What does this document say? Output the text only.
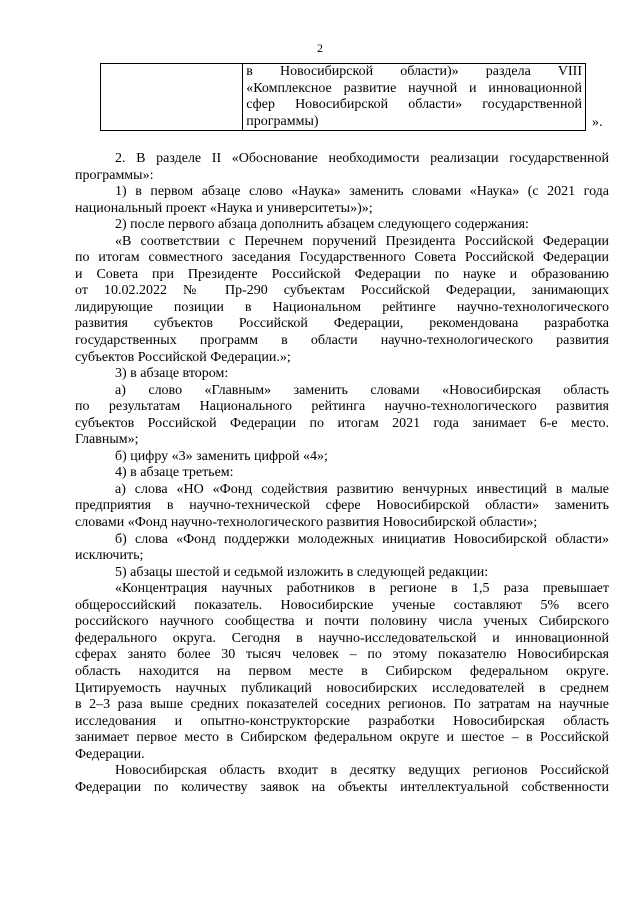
2

в Новосибирской области)» раздела VIII
«Комплексное развитие научной и инновационной
сфер Новосибирской области» государственной
программы)	».
2. В разделе II «Обоснование необходимости реализации государственной
программы»:
1) в первом абзаце слово «Наука» заменить словами «Наука» (с 2021 года
национальный проект «Наука и университеты»)»;
2) после первого абзаца дополнить абзацем следующего содержания:
«В соответствии с Перечнем поручений Президента Российской Федерации
по итогам совместного заседания Государственного Совета Российской Федерации
и Совета при Президенте Российской Федерации по науке и образованию
от 10.02.2022 № Пр-290 субъектам Российской Федерации, занимающих
лидирующие позиции в Национальном рейтинге научно-технологического
развития субъектов Российской Федерации, рекомендована разработка
государственных программ в области научно-технологического развития
субъектов Российской Федерации.»;
3) в абзаце втором:
а) слово «Главным» заменить словами «Новосибирская область
по результатам Национального рейтинга научно-технологического развития
субъектов Российской Федерации по итогам 2021 года занимает 6-е место.
Главным»;
б) цифру «3» заменить цифрой «4»;
4) в абзаце третьем:
а) слова «НО «Фонд содействия развитию венчурных инвестиций в малые
предприятия в научно-технической сфере Новосибирской области» заменить
словами «Фонд научно-технологического развития Новосибирской области»;
б) слова «Фонд поддержки молодежных инициатив Новосибирской области»
исключить;
5) абзацы шестой и седьмой изложить в следующей редакции:
«Концентрация научных работников в регионе в 1,5 раза превышает
общероссийский показатель. Новосибирские ученые составляют 5% всего
российского научного сообщества и почти половину числа ученых Сибирского
федерального округа. Сегодня в научно-исследовательской и инновационной
сферах занято более 30 тысяч человек – по этому показателю Новосибирская
область находится на первом месте в Сибирском федеральном округе.
Цитируемость научных публикаций новосибирских исследователей в среднем
в 2–3 раза выше средних показателей соседних регионов. По затратам на научные
исследования и опытно-конструкторские разработки Новосибирская область
занимает первое место в Сибирском федеральном округе и шестое – в Российской
Федерации.
Новосибирская область входит в десятку ведущих регионов Российской
Федерации по количеству заявок на объекты интеллектуальной собственности
